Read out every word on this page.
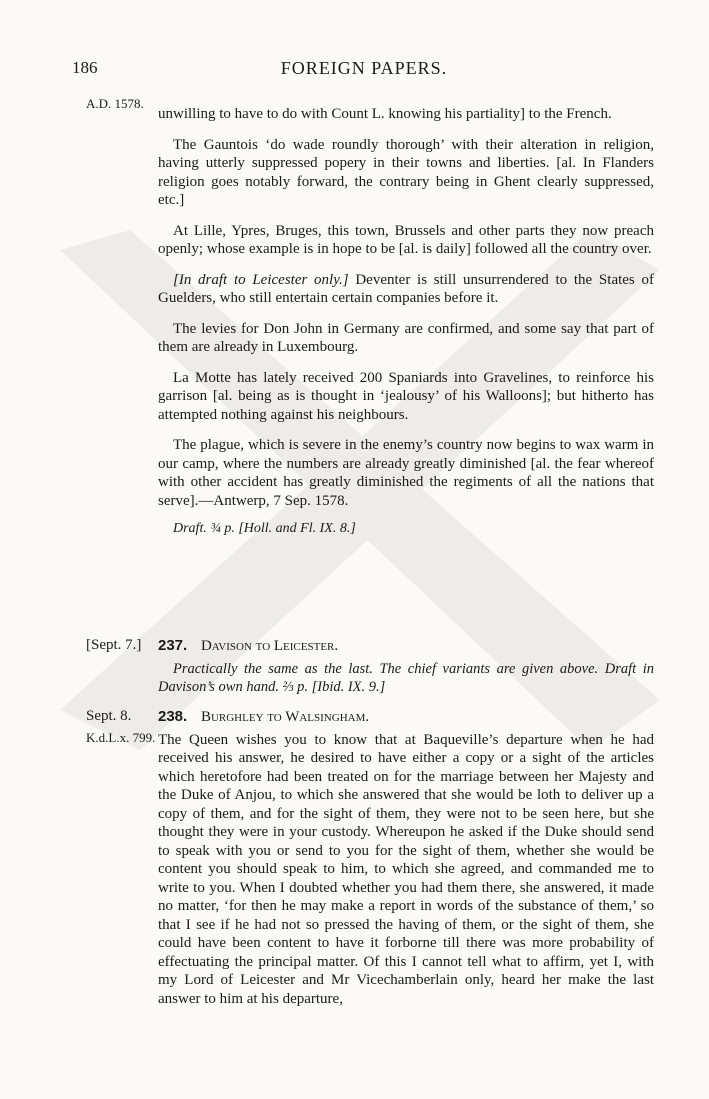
186	FOREIGN PAPERS.
A.D. 1578.

unwilling to have to do with Count L. knowing his partiality] to the French.

The Gauntois ‘do wade roundly thorough’ with their alteration in religion, having utterly suppressed popery in their towns and liberties. [al. In Flanders religion goes notably forward, the contrary being in Ghent clearly suppressed, etc.]

At Lille, Ypres, Bruges, this town, Brussels and other parts they now preach openly; whose example is in hope to be [al. is daily] followed all the country over.

[In draft to Leicester only.] Deventer is still unsurrendered to the States of Guelders, who still entertain certain companies before it.

The levies for Don John in Germany are confirmed, and some say that part of them are already in Luxembourg.

La Motte has lately received 200 Spaniards into Gravelines, to reinforce his garrison [al. being as is thought in ‘jealousy’ of his Walloons]; but hitherto has attempted nothing against his neighbours.

The plague, which is severe in the enemy’s country now begins to wax warm in our camp, where the numbers are already greatly diminished [al. the fear whereof with other accident has greatly diminished the regiments of all the nations that serve].—Antwerp, 7 Sep. 1578.

Draft. ¾ p. [Holl. and Fl. IX. 8.]

[Sept. 7.] 237. Davison to Leicester.

Practically the same as the last. The chief variants are given above. Draft in Davison’s own hand. ⅔ p. [Ibid. IX. 9.]

Sept. 8.
K.d.L.x. 799.
238. Burghley to Walsingham.

The Queen wishes you to know that at Baqueville’s departure when he had received his answer, he desired to have either a copy or a sight of the articles which heretofore had been treated on for the marriage between her Majesty and the Duke of Anjou, to which she answered that she would be loth to deliver up a copy of them, and for the sight of them, they were not to be seen here, but she thought they were in your custody. Whereupon he asked if the Duke should send to speak with you or send to you for the sight of them, whether she would be content you should speak to him, to which she agreed, and commanded me to write to you. When I doubted whether you had them there, she answered, it made no matter, ‘for then he may make a report in words of the substance of them,’ so that I see if he had not so pressed the having of them, or the sight of them, she could have been content to have it forborne till there was more probability of effectuating the principal matter. Of this I cannot tell what to affirm, yet I, with my Lord of Leicester and Mr Vicechamberlain only, heard her make the last answer to him at his departure,
